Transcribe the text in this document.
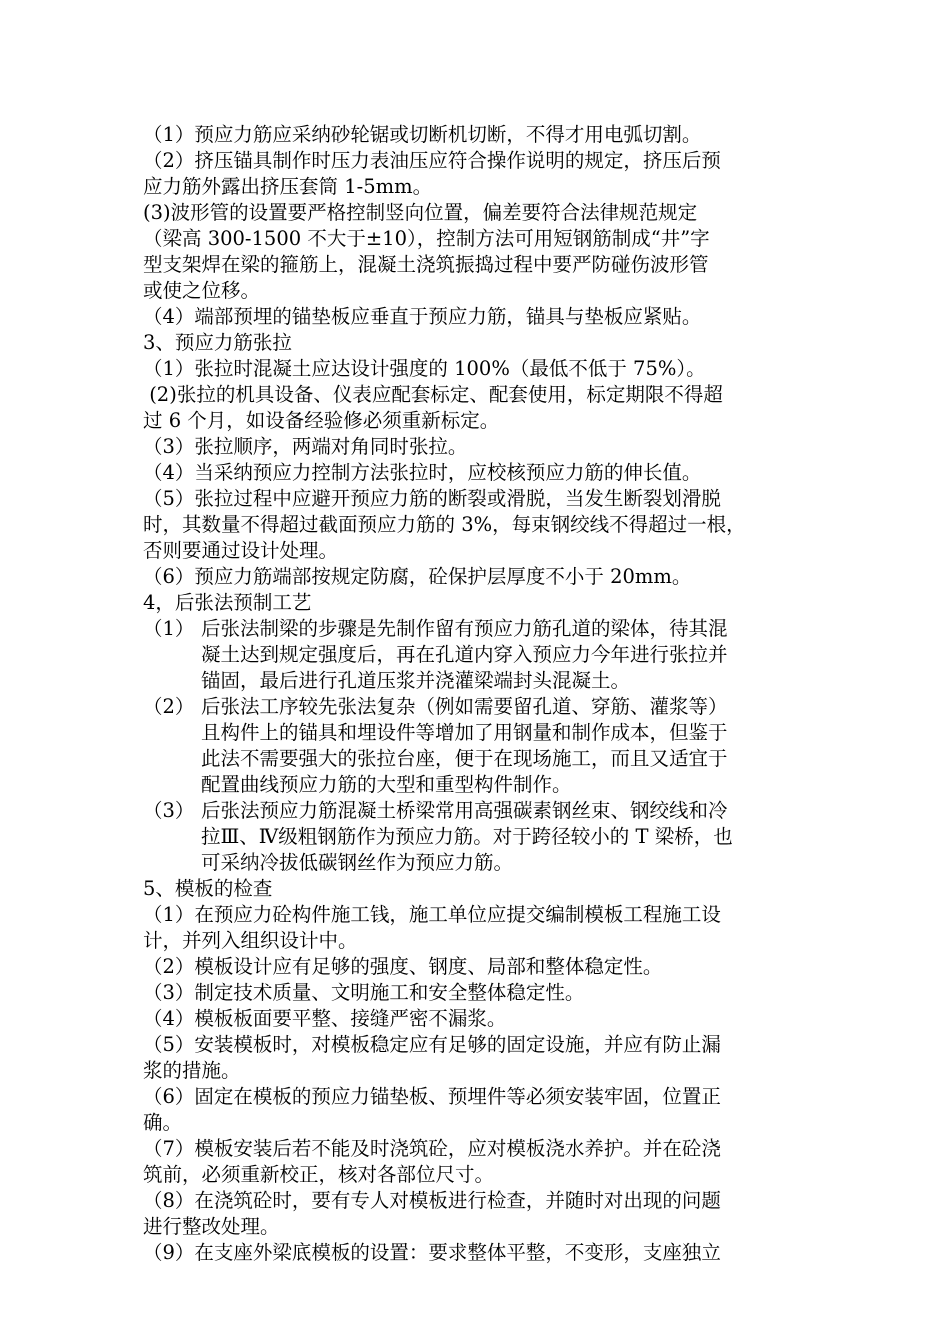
（1）预应力筋应采纳砂轮锯或切断机切断，不得才用电弧切割。
（2）挤压锚具制作时压力表油压应符合操作说明的规定，挤压后预
应力筋外露出挤压套筒 1-5mm。
(3)波形管的设置要严格控制竖向位置，偏差要符合法律规范规定
（梁高 300-1500 不大于±10），控制方法可用短钢筋制成“井”字
型支架焊在梁的箍筋上，混凝土浇筑振捣过程中要严防碰伤波形管
或使之位移。
（4）端部预埋的锚垫板应垂直于预应力筋，锚具与垫板应紧贴。
3、预应力筋张拉
（1）张拉时混凝土应达设计强度的 100%（最低不低于 75%）。
(2)张拉的机具设备、仪表应配套标定、配套使用，标定期限不得超
过 6 个月，如设备经验修必须重新标定。
（3）张拉顺序，两端对角同时张拉。
（4）当采纳预应力控制方法张拉时，应校核预应力筋的伸长值。
（5）张拉过程中应避开预应力筋的断裂或滑脱，当发生断裂划滑脱
时，其数量不得超过截面预应力筋的 3%，每束钢绞线不得超过一根，
否则要通过设计处理。
（6）预应力筋端部按规定防腐，砼保护层厚度不小于 20mm。
4，后张法预制工艺
（1） 后张法制梁的步骤是先制作留有预应力筋孔道的梁体，待其混
凝土达到规定强度后，再在孔道内穿入预应力今年进行张拉并
锚固，最后进行孔道压浆并浇灌梁端封头混凝土。
（2） 后张法工序较先张法复杂（例如需要留孔道、穿筋、灌浆等）
且构件上的锚具和埋设件等增加了用钢量和制作成本，但鉴于
此法不需要强大的张拉台座，便于在现场施工，而且又适宜于
配置曲线预应力筋的大型和重型构件制作。
（3） 后张法预应力筋混凝土桥梁常用高强碳素钢丝束、钢绞线和冷
拉Ⅲ、Ⅳ级粗钢筋作为预应力筋。对于跨径较小的 T 梁桥，也
可采纳冷拔低碳钢丝作为预应力筋。
5、模板的检查
（1）在预应力砼构件施工钱，施工单位应提交编制模板工程施工设
计，并列入组织设计中。
（2）模板设计应有足够的强度、钢度、局部和整体稳定性。
（3）制定技术质量、文明施工和安全整体稳定性。
（4）模板板面要平整、接缝严密不漏浆。
（5）安装模板时，对模板稳定应有足够的固定设施，并应有防止漏
浆的措施。
（6）固定在模板的预应力锚垫板、预埋件等必须安装牢固，位置正
确。
（7）模板安装后若不能及时浇筑砼，应对模板浇水养护。并在砼浇
筑前，必须重新校正，核对各部位尺寸。
（8）在浇筑砼时，要有专人对模板进行检查，并随时对出现的问题
进行整改处理。
（9）在支座外梁底模板的设置：要求整体平整，不变形，支座独立
